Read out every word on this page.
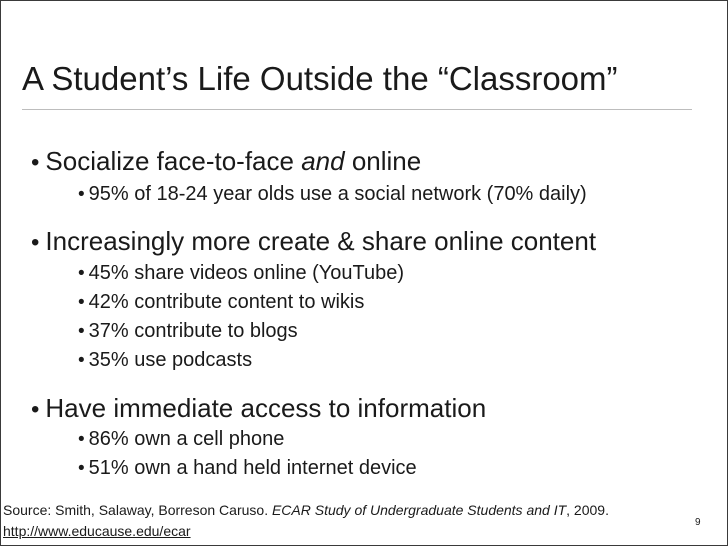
A Student’s Life Outside the “Classroom”
• Socialize face-to-face and online
• 95% of 18-24 year olds use a social network (70% daily)
• Increasingly more create & share online content
• 45% share videos online (YouTube)
• 42% contribute content to wikis
• 37% contribute to blogs
• 35% use podcasts
• Have immediate access to information
• 86% own a cell phone
• 51% own a hand held internet device
Source: Smith, Salaway, Borreson Caruso. ECAR Study of Undergraduate Students and IT, 2009.
http://www.educause.edu/ecar
9
